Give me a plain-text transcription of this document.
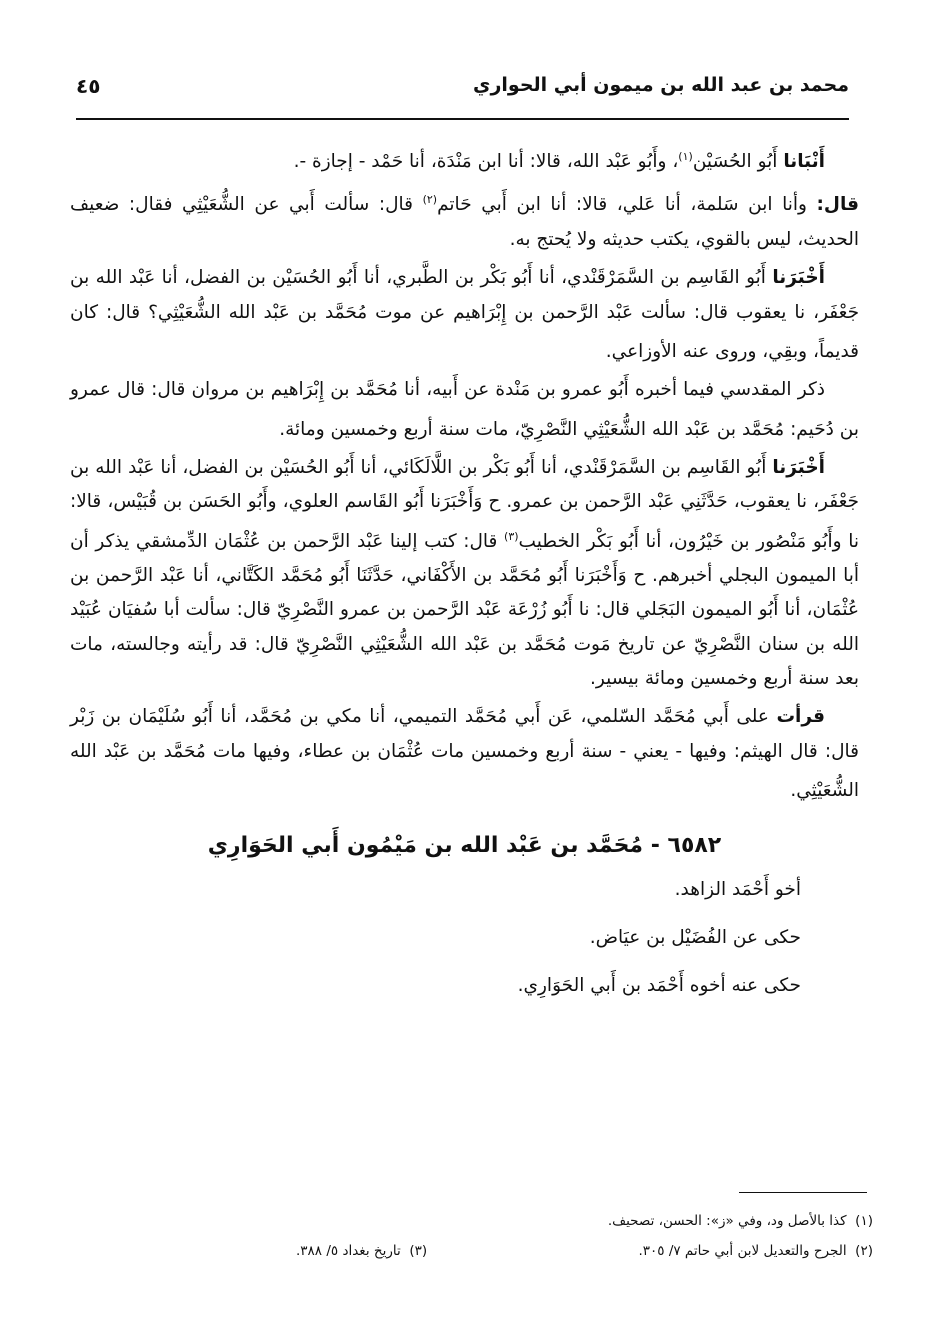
محمد بن عبد الله بن ميمون أبي الحواري
٤٥

أَنْبَانا أَبُو الحُسَيْن$^{(١)}$، وأَبُو عَبْد الله، قالا: أنا ابن مَنْدَة، أنا حَمْد - إجازة -.

قال: وأنا ابن سَلمة، أنا عَلي، قالا: أنا ابن أَبي حَاتم$^{(٢)}$ قال: سألت أَبي عن الشُّعَيْثِي فقال: ضعيف الحديث، ليس بالقوي، يكتب حديثه ولا يُحتج به.

أَخْبَرَنا أَبُو القَاسِم بن السَّمَرْقَنْدي، أنا أَبُو بَكْر بن الطَّبري، أنا أَبُو الحُسَيْن بن الفضل، أنا عَبْد الله بن جَعْفَر، نا يعقوب قال: سألت عَبْد الرَّحمن بن إِبْرَاهيم عن موت مُحَمَّد بن عَبْد الله الشُّعَيْثِي؟ قال: كان قديماً، وبقِي، وروى عنه الأوزاعي.

ذكر المقدسي فيما أخبره أَبُو عمرو بن مَنْدة عن أَبيه، أنا مُحَمَّد بن إِبْرَاهيم بن مروان قال: قال عمرو بن دُحَيم: مُحَمَّد بن عَبْد الله الشُّعَيْثِي النَّصْرِيّ، مات سنة أربع وخمسين ومائة.

أَخْبَرَنا أَبُو القَاسِم بن السَّمَرْقَنْدي، أنا أَبُو بَكْر بن اللَّالَكَائي، أنا أَبُو الحُسَيْن بن الفضل، أنا عَبْد الله بن جَعْفَر، نا يعقوب، حَدَّثَنِي عَبْد الرَّحمن بن عمرو. ح وَأَخْبَرَنا أَبُو القَاسم العلوي، وأَبُو الحَسَن بن قُبَيْس، قالا: نا وأَبُو مَنْصُور بن خَيْرُون، أنا أَبُو بَكْر الخطيب$^{(٣)}$ قال: كتب إلينا عَبْد الرَّحمن بن عُثْمَان الدِّمشقي يذكر أن أبا الميمون البجلي أخبرهم. ح وَأَخْبَرَنا أَبُو مُحَمَّد بن الأَكْفَاني، حَدَّثَنَا أَبُو مُحَمَّد الكَتَّاني، أنا عَبْد الرَّحمن بن عُثْمَان، أنا أَبُو الميمون البَجَلي قال: نا أَبُو زُرْعَة عَبْد الرَّحمن بن عمرو النَّصْرِيّ قال: سألت أبا سُفيَان عُبَيْد الله بن سنان النَّصْرِيّ عن تاريخ مَوت مُحَمَّد بن عَبْد الله الشُّعَيْثِي النَّصْرِيّ قال: قد رأيته وجالسته، مات بعد سنة أربع وخمسين ومائة بيسير.

قرأت على أَبي مُحَمَّد السّلمي، عَن أَبي مُحَمَّد التميمي، أنا مكي بن مُحَمَّد، أنا أَبُو سُلَيْمَان بن زَبْر قال: قال الهيثم: وفيها - يعني - سنة أربع وخمسين مات عُثْمَان بن عطاء، وفيها مات مُحَمَّد بن عَبْد الله الشُّعَيْثِي.

٦٥٨٢ - مُحَمَّد بن عَبْد الله بن مَيْمُون أَبي الحَوَارِي

أخو أَحْمَد الزاهد.

حكى عن الفُضَيْل بن عيَاض.

حكى عنه أخوه أَحْمَد بن أَبي الحَوَارِي.

(١)  كذا بالأصل ود، وفي «ز»: الحسن، تصحيف.
(٢)  الجرح والتعديل لابن أبي حاتم ٧/ ٣٠٥.
(٣)  تاريخ بغداد ٥/ ٣٨٨.
